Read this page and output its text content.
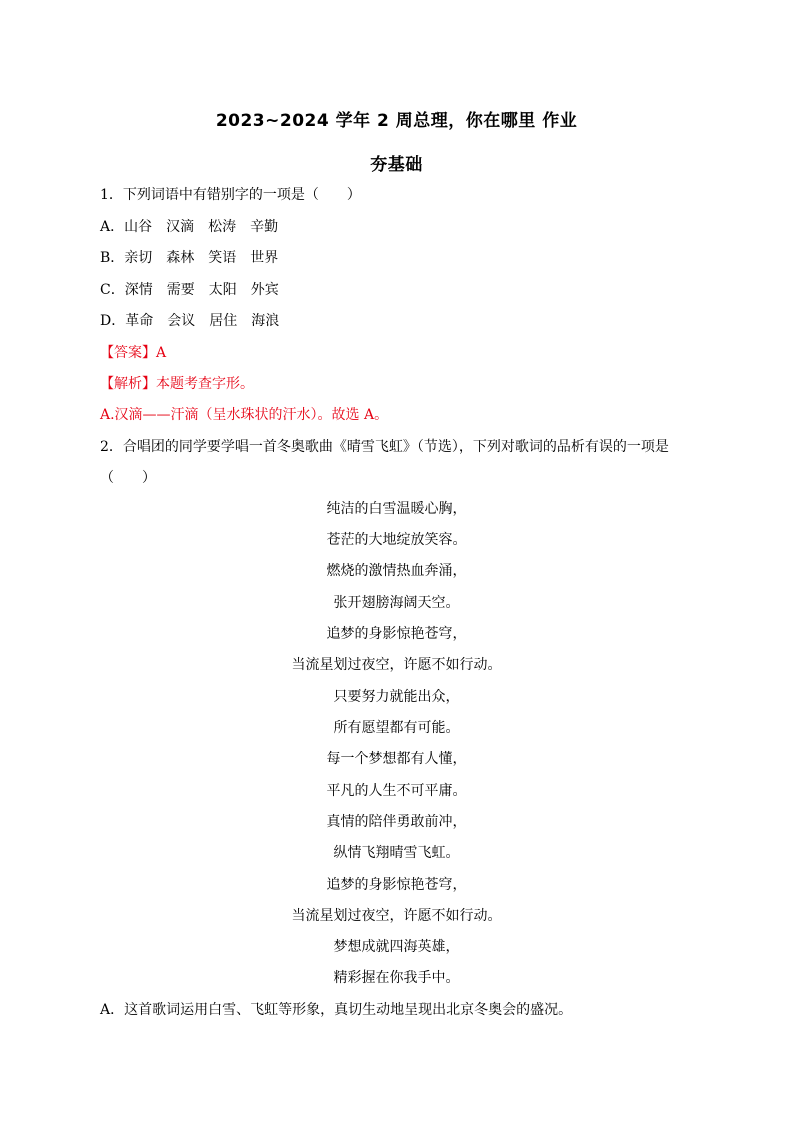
2023~2024 学年 2 周总理，你在哪里 作业
夯基础
1．下列词语中有错别字的一项是（　　）
A．山谷　汉滴　松涛　辛勤
B．亲切　森林　笑语　世界
C．深情　需要　太阳　外宾
D．革命　会议　居住　海浪
【答案】A
【解析】本题考查字形。
A.汉滴——汗滴（呈水珠状的汗水）。故选 A。
2．合唱团的同学要学唱一首冬奥歌曲《晴雪飞虹》（节选），下列对歌词的品析有误的一项是
（　　）
纯洁的白雪温暖心胸，
苍茫的大地绽放笑容。
燃烧的激情热血奔涌，
张开翅膀海阔天空。
追梦的身影惊艳苍穹，
当流星划过夜空，许愿不如行动。
只要努力就能出众，
所有愿望都有可能。
每一个梦想都有人懂，
平凡的人生不可平庸。
真情的陪伴勇敢前冲，
纵情飞翔晴雪飞虹。
追梦的身影惊艳苍穹，
当流星划过夜空，许愿不如行动。
梦想成就四海英雄，
精彩握在你我手中。
A．这首歌词运用白雪、飞虹等形象，真切生动地呈现出北京冬奥会的盛况。
